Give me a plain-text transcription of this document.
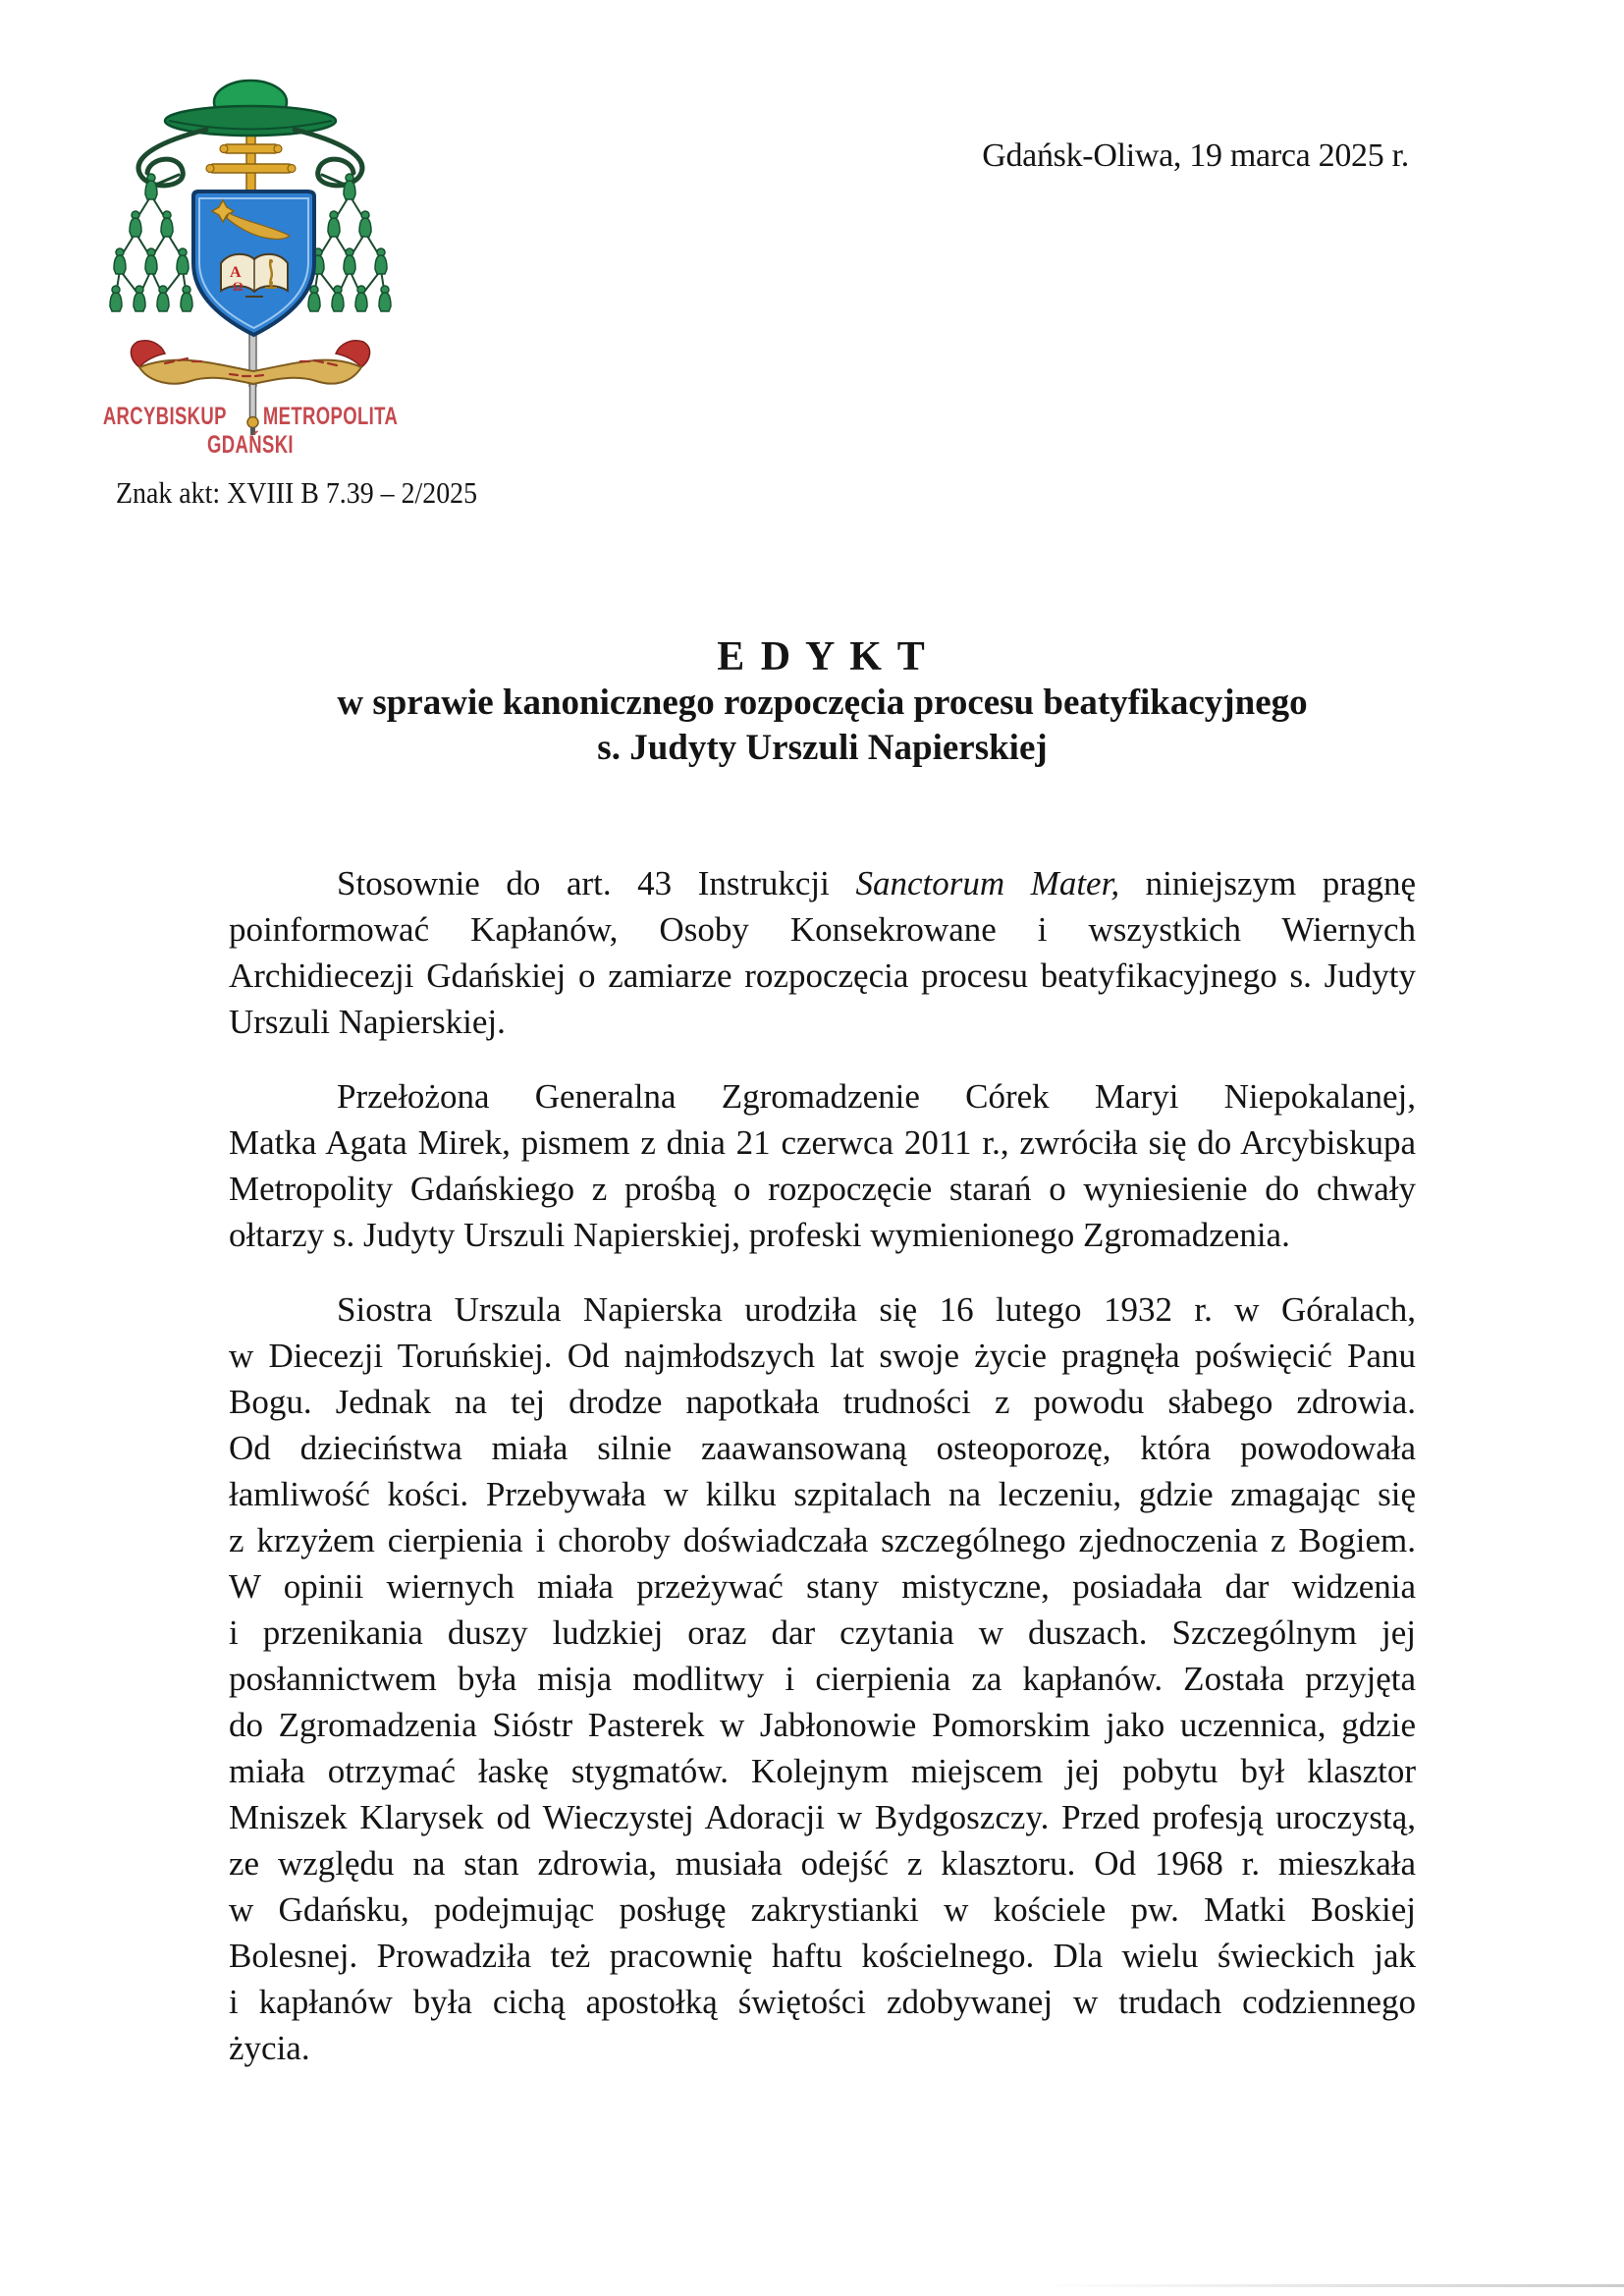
Gdańsk-Oliwa, 19 marca 2025 r.
Α
Ω
ARCYBISKUP METROPOLITA
GDAŃSKI
Znak akt: XVIII B 7.39 – 2/2025
E D Y K T
w sprawie kanonicznego rozpoczęcia procesu beatyfikacyjnego
s. Judyty Urszuli Napierskiej
Stosownie do art. 43 Instrukcji Sanctorum Mater, niniejszym pragnę
poinformować Kapłanów, Osoby Konsekrowane i wszystkich Wiernych
Archidiecezji Gdańskiej o zamiarze rozpoczęcia procesu beatyfikacyjnego s. Judyty
Urszuli Napierskiej.
Przełożona Generalna Zgromadzenie Córek Maryi Niepokalanej,
Matka Agata Mirek, pismem z dnia 21 czerwca 2011 r., zwróciła się do Arcybiskupa
Metropolity Gdańskiego z prośbą o rozpoczęcie starań o wyniesienie do chwały
ołtarzy s. Judyty Urszuli Napierskiej, profeski wymienionego Zgromadzenia.
Siostra Urszula Napierska urodziła się 16 lutego 1932 r. w Góralach,
w Diecezji Toruńskiej. Od najmłodszych lat swoje życie pragnęła poświęcić Panu
Bogu. Jednak na tej drodze napotkała trudności z powodu słabego zdrowia.
Od dzieciństwa miała silnie zaawansowaną osteoporozę, która powodowała
łamliwość kości. Przebywała w kilku szpitalach na leczeniu, gdzie zmagając się
z krzyżem cierpienia i choroby doświadczała szczególnego zjednoczenia z Bogiem.
W opinii wiernych miała przeżywać stany mistyczne, posiadała dar widzenia
i przenikania duszy ludzkiej oraz dar czytania w duszach. Szczególnym jej
posłannictwem była misja modlitwy i cierpienia za kapłanów. Została przyjęta
do Zgromadzenia Sióstr Pasterek w Jabłonowie Pomorskim jako uczennica, gdzie
miała otrzymać łaskę stygmatów. Kolejnym miejscem jej pobytu był klasztor
Mniszek Klarysek od Wieczystej Adoracji w Bydgoszczy. Przed profesją uroczystą,
ze względu na stan zdrowia, musiała odejść z klasztoru. Od 1968 r. mieszkała
w Gdańsku, podejmując posługę zakrystianki w kościele pw. Matki Boskiej
Bolesnej. Prowadziła też pracownię haftu kościelnego. Dla wielu świeckich jak
i kapłanów była cichą apostołką świętości zdobywanej w trudach codziennego
życia.
